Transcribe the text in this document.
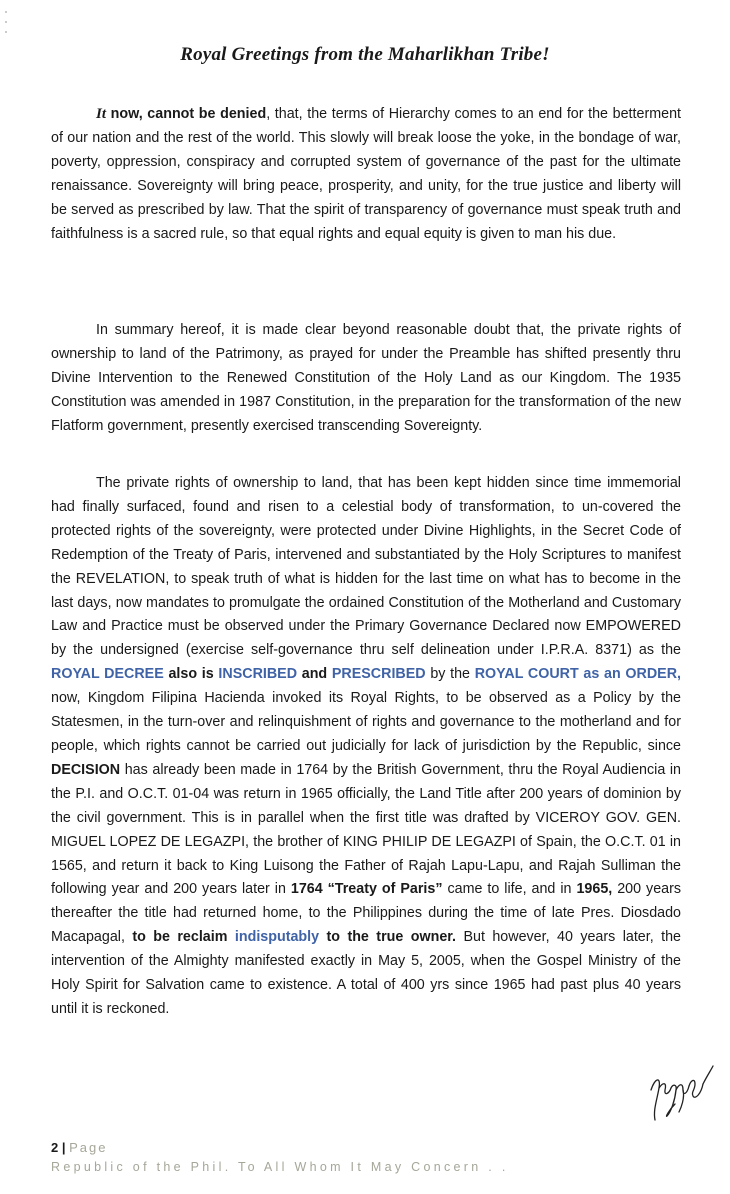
Royal Greetings from the Maharlikhan Tribe!

It now, cannot be denied, that, the terms of Hierarchy comes to an end for the betterment of our nation and the rest of the world. This slowly will break loose the yoke, in the bondage of war, poverty, oppression, conspiracy and corrupted system of governance of the past for the ultimate renaissance. Sovereignty will bring peace, prosperity, and unity, for the true justice and liberty will be served as prescribed by law. That the spirit of transparency of governance must speak truth and faithfulness is a sacred rule, so that equal rights and equal equity is given to man his due.

In summary hereof, it is made clear beyond reasonable doubt that, the private rights of ownership to land of the Patrimony, as prayed for under the Preamble has shifted presently thru Divine Intervention to the Renewed Constitution of the Holy Land as our Kingdom. The 1935 Constitution was amended in 1987 Constitution, in the preparation for the transformation of the new Flatform government, presently exercised transcending Sovereignty.

The private rights of ownership to land, that has been kept hidden since time immemorial had finally surfaced, found and risen to a celestial body of transformation, to un-covered the protected rights of the sovereignty, were protected under Divine Highlights, in the Secret Code of Redemption of the Treaty of Paris, intervened and substantiated by the Holy Scriptures to manifest the REVELATION, to speak truth of what is hidden for the last time on what has to become in the last days, now mandates to promulgate the ordained Constitution of the Motherland and Customary Law and Practice must be observed under the Primary Governance Declared now EMPOWERED by the undersigned (exercise self-governance thru self delineation under I.P.R.A. 8371) as the ROYAL DECREE also is INSCRIBED and PRESCRIBED by the ROYAL COURT as an ORDER, now, Kingdom Filipina Hacienda invoked its Royal Rights, to be observed as a Policy by the Statesmen, in the turn-over and relinquishment of rights and governance to the motherland and for people, which rights cannot be carried out judicially for lack of jurisdiction by the Republic, since DECISION has already been made in 1764 by the British Government, thru the Royal Audiencia in the P.I. and O.C.T. 01-04 was return in 1965 officially, the Land Title after 200 years of dominion by the civil government. This is in parallel when the first title was drafted by VICEROY GOV. GEN. MIGUEL LOPEZ DE LEGAZPI, the brother of KING PHILIP DE LEGAZPI of Spain, the O.C.T. 01 in 1565, and return it back to King Luisong the Father of Rajah Lapu-Lapu, and Rajah Sulliman the following year and 200 years later in 1764 “Treaty of Paris” came to life, and in 1965, 200 years thereafter the title had returned home, to the Philippines during the time of late Pres. Diosdado Macapagal, to be reclaim indisputably to the true owner. But however, 40 years later, the intervention of the Almighty manifested exactly in May 5, 2005, when the Gospel Ministry of the Holy Spirit for Salvation came to existence. A total of 400 yrs since 1965 had past plus 40 years until it is reckoned.

2 | Page
Republic of the Phil. To All Whom It May Concern . .
